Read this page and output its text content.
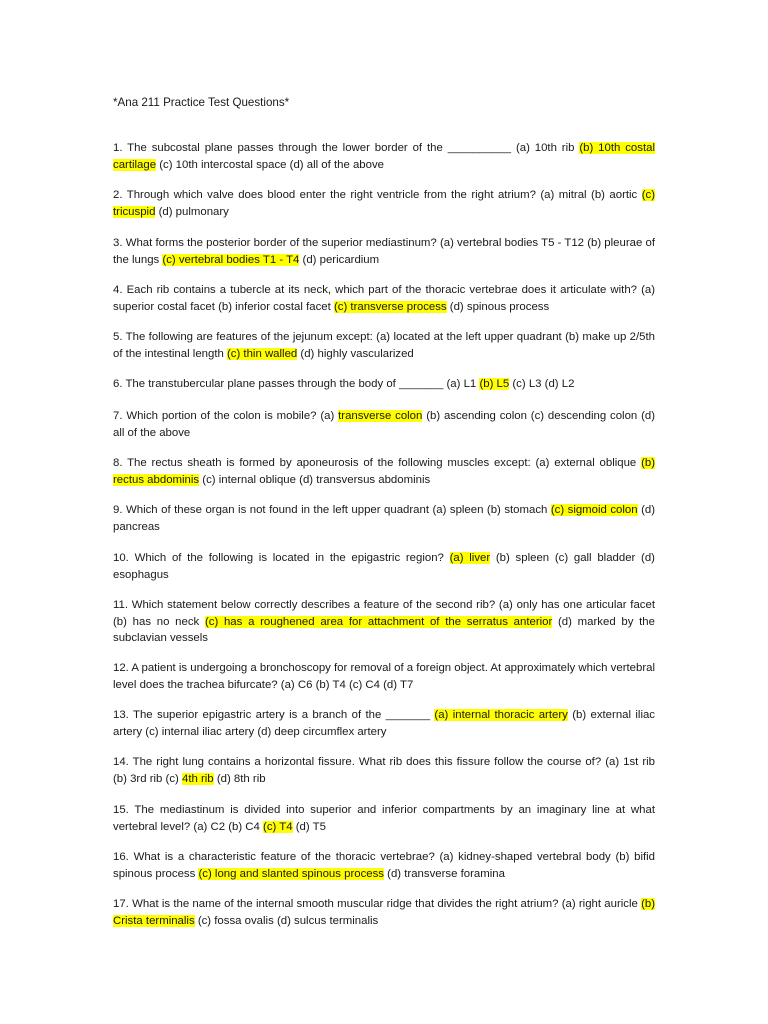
*Ana 211 Practice Test Questions*

1. The subcostal plane passes through the lower border of the __________ (a) 10th rib (b) 10th costal cartilage (c) 10th intercostal space (d) all of the above

2. Through which valve does blood enter the right ventricle from the right atrium? (a) mitral (b) aortic (c) tricuspid (d) pulmonary

3. What forms the posterior border of the superior mediastinum? (a) vertebral bodies T5 - T12 (b) pleurae of the lungs (c) vertebral bodies T1 - T4 (d) pericardium

4. Each rib contains a tubercle at its neck, which part of the thoracic vertebrae does it articulate with? (a) superior costal facet (b) inferior costal facet (c) transverse process (d) spinous process

5. The following are features of the jejunum except: (a) located at the left upper quadrant (b) make up 2/5th of the intestinal length (c) thin walled (d) highly vascularized

6. The transtubercular plane passes through the body of _______ (a) L1 (b) L5 (c) L3 (d) L2

7. Which portion of the colon is mobile? (a) transverse colon (b) ascending colon (c) descending colon (d) all of the above

8. The rectus sheath is formed by aponeurosis of the following muscles except: (a) external oblique (b) rectus abdominis (c) internal oblique (d) transversus abdominis

9. Which of these organ is not found in the left upper quadrant (a) spleen (b) stomach (c) sigmoid colon (d) pancreas

10. Which of the following is located in the epigastric region? (a) liver (b) spleen (c) gall bladder (d) esophagus

11. Which statement below correctly describes a feature of the second rib? (a) only has one articular facet (b) has no neck (c) has a roughened area for attachment of the serratus anterior (d) marked by the subclavian vessels

12. A patient is undergoing a bronchoscopy for removal of a foreign object. At approximately which vertebral level does the trachea bifurcate? (a) C6 (b) T4 (c) C4 (d) T7

13. The superior epigastric artery is a branch of the _______ (a) internal thoracic artery (b) external iliac artery (c) internal iliac artery (d) deep circumflex artery

14. The right lung contains a horizontal fissure. What rib does this fissure follow the course of? (a) 1st rib (b) 3rd rib (c) 4th rib (d) 8th rib

15. The mediastinum is divided into superior and inferior compartments by an imaginary line at what vertebral level? (a) C2 (b) C4 (c) T4 (d) T5

16. What is a characteristic feature of the thoracic vertebrae? (a) kidney-shaped vertebral body (b) bifid spinous process (c) long and slanted spinous process (d) transverse foramina

17. What is the name of the internal smooth muscular ridge that divides the right atrium? (a) right auricle (b) Crista terminalis (c) fossa ovalis (d) sulcus terminalis
